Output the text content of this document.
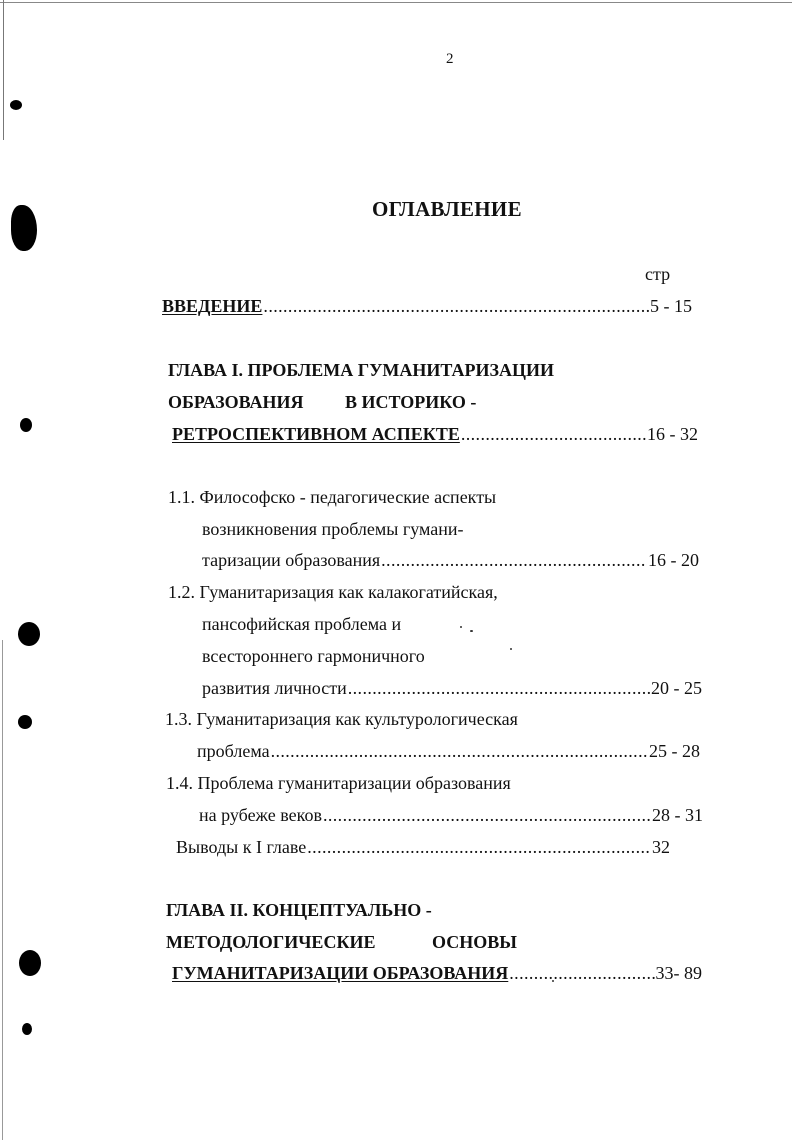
2
ОГЛАВЛЕНИЕ
стр
ВВЕДЕНИЕ .....	5 - 15
ГЛАВА I. ПРОБЛЕМА ГУМАНИТАРИЗАЦИИ
ОБРАЗОВАНИЯ В ИСТОРИКО -
РЕТРОСПЕКТИВНОМ АСПЕКТЕ .....	16 - 32
1.1. Философско - педагогические аспекты
возникновения проблемы гумани-
таризации образования .....	16 - 20
1.2. Гуманитаризация как калакогатийская,
пансофийская проблема и
всестороннего гармоничного
развития личности .....	20 - 25
1.3. Гуманитаризация как культурологическая
проблема .....	25 - 28
1.4. Проблема гуманитаризации образования
на рубеже веков .....	28 - 31
Выводы к I главе .....	32
ГЛАВА II. КОНЦЕПТУАЛЬНО -
МЕТОДОЛОГИЧЕСКИЕ	ОСНОВЫ
ГУМАНИТАРИЗАЦИИ ОБРАЗОВАНИЯ .....	33- 89
